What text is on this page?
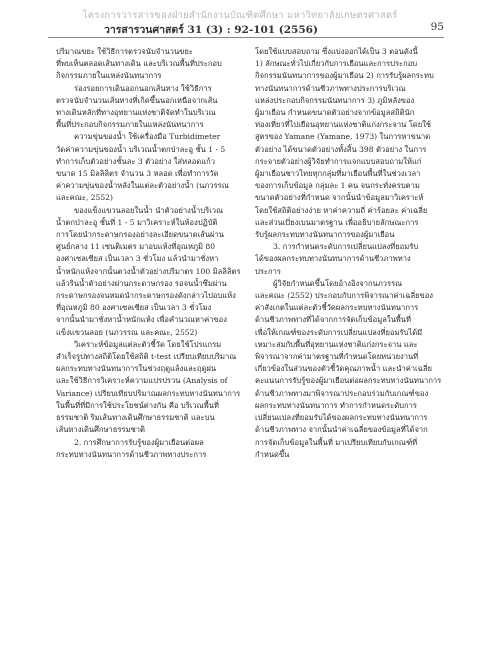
โครงการวารสารของฝ่ายสำนักงานบัณฑิตศึกษา มหาวิทยาลัยเกษตรศาสตร์
วารสารวนศาสตร์ 31 (3) : 92-101 (2556)	95
ปริมาณขยะ ใช้วิธีการตรวจนับจำนวนขยะ
ที่พบเห็นตลอดเส้นทางเดิน และบริเวณพื้นที่ประกอบ
กิจกรรมภายในแหล่งนันทนาการ
ร่องรอยการเดินออกนอกเส้นทาง ใช้วิธีการ
ตรวจนับจำนวนเส้นทางที่เกิดขึ้นนอกเหนือจากเส้น
ทางเดินหลักที่ทางอุทยานแห่งชาติจัดทำในบริเวณ
พื้นที่ประกอบกิจกรรมภายในแหล่งนันทนาการ
ความขุ่นของน้ำ ใช้เครื่องมือ Turbidimeter
วัดค่าความขุ่นของน้ำ บริเวณน้ำตกป่าละอู ชั้น 1 - 5
ทำการเก็บตัวอย่างชั้นละ 3 ตัวอย่าง ใส่หลอดแก้ว
ขนาด 15 มิลลิลิตร จำนวน 3 หลอด เพื่อทำการวัด
ค่าความขุ่นของน้ำหลังในแต่ละตัวอย่างน้ำ (นภวรรณ
และคณะ, 2552)
ของแข็งแขวนลอยในน้ำ นำตัวอย่างน้ำบริเวณ
น้ำตกป่าละอู ชั้นที่ 1 - 5 มาวิเคราะห์ในห้องปฏิบัติ
การโดยนำกระดาษกรองอย่างละเอียดขนาดเส้นผ่าน
ศูนย์กลาง 11 เซนติเมตร มาอบแห้งที่อุณหภูมิ 80
องศาเซลเซียส เป็นเวลา 3 ชั่วโมง แล้วนำมาชั่งหา
น้ำหนักแห้งจากนั้นตวงน้ำตัวอย่างปริมาตร 100 มิลลิลิตร
แล้วรินน้ำตัวอย่างผ่านกระดาษกรอง รอจนน้ำซึมผ่าน
กระดาษกรองจนหมดนำกระดาษกรองดังกล่าวไปอบแห้ง
ที่อุณหภูมิ 80 องศาเซลเซียส เป็นเวลา 3 ชั่วโมง
จากนั้นนำมาชั่งหาน้ำหนักแห้ง เพื่อคำนวณหาค่าของ
แข็งแขวนลอย (นภวรรณ และคณะ, 2552)
วิเคราะห์ข้อมูลแต่ละตัวชี้วัด โดยใช้โปรแกรม
สำเร็จรูปทางสถิติโดยใช้สถิติ t-test เปรียบเทียบปริมาณ
ผลกระทบทางนันทนาการในช่วงฤดูแล้งและฤดูฝน
และใช้วิธีการวิเคราะห์ความแปรปรวน (Analysis of
Variance) เปรียบเทียบปริมาณผลกระทบทางนันทนาการ
ในพื้นที่ที่มีการใช้ประโยชน์ต่างกัน คือ บริเวณพื้นที่
ธรรมชาติ ริมเส้นทางเดินศึกษาธรรมชาติ และบน
เส้นทางเดินศึกษาธรรมชาติ
2. การศึกษาการรับรู้ของผู้มาเยือนต่อผล
กระทบทางนันทนาการด้านชีวภาพทางประการ
โดยใช้แบบสอบถาม ซึ่งแบ่งออกได้เป็น 3 ตอนดังนี้
1) ลักษณะทั่วไปเกี่ยวกับการเยือนและการประกอบ
กิจกรรมนันทนาการของผู้มาเยือน 2) การรับรู้ผลกระทบ
ทางนันทนาการด้านชีวภาพทางประการบริเวณ
แหล่งประกอบกิจกรรมนันทนาการ 3) ภูมิหลังของ
ผู้มาเยือน กำหนดขนาดตัวอย่างจากข้อมูลสถิตินัก
ท่องเที่ยวที่ไปเยือนอุทยานแห่งชาติแก่งกระจาน โดยใช้
สูตรของ Yamane (Yamane, 1973) ในการหาขนาด
ตัวอย่าง ได้ขนาดตัวอย่างทั้งสิ้น 398 ตัวอย่าง ในการ
กระจายตัวอย่างผู้วิจัยทำการแจกแบบสอบถามให้แก่
ผู้มาเยือนชาวไทยทุกกลุ่มที่มาเยือนพื้นที่ในช่วงเวลา
ของการเก็บข้อมูล กลุ่มละ 1 คน จนกระทั่งครบตาม
ขนาดตัวอย่างที่กำหนด จากนั้นนำข้อมูลมาวิเคราะห์
โดยใช้สถิติอย่างง่าย หาค่าความถี่ ค่าร้อยละ ค่าเฉลี่ย
และส่วนเบี่ยงเบนมาตรฐาน เพื่ออธิบายลักษณะการ
รับรู้ผลกระทบทางนันทนาการของผู้มาเยือน
3. การกำหนดระดับการเปลี่ยนแปลงที่ยอมรับ
ได้ของผลกระทบทางนันทนาการด้านชีวภาพทาง
ประการ
ผู้วิจัยกำหนดขึ้นโดยอ้างอิงจากนภวรรณ
และคณะ (2552) ประกอบกับการพิจารณาค่าเฉลี่ยของ
ค่าสังเกตในแต่ละตัวชี้วัดผลกระทบทางนันทนาการ
ด้านชีวภาพทางที่ได้จากการจัดเก็บข้อมูลในพื้นที่
เพื่อให้เกณฑ์ของระดับการเปลี่ยนแปลงที่ยอมรับได้มี
เหมาะสมกับพื้นที่อุทยานแห่งชาติแก่งกระจาน และ
พิจารณาจากค่ามาตรฐานที่กำหนดโดยหน่วยงานที่
เกี่ยวข้องในส่วนของตัวชี้วัดคุณภาพน้ำ และนำค่าเฉลี่ย
คะแนนการรับรู้ของผู้มาเยือนต่อผลกระทบทางนันทนาการ
ด้านชีวภาพทางมาพิจารณาประกอบร่วมกับเกณฑ์ของ
ผลกระทบทางนันทนาการ ทำการกำหนดระดับการ
เปลี่ยนแปลงที่ยอมรับได้ของผลกระทบทางนันทนาการ
ด้านชีวภาพทาง จากนั้นนำค่าเฉลี่ยของข้อมูลที่ได้จาก
การจัดเก็บข้อมูลในพื้นที่ มาเปรียบเทียบกับเกณฑ์ที่
กำหนดขึ้น
